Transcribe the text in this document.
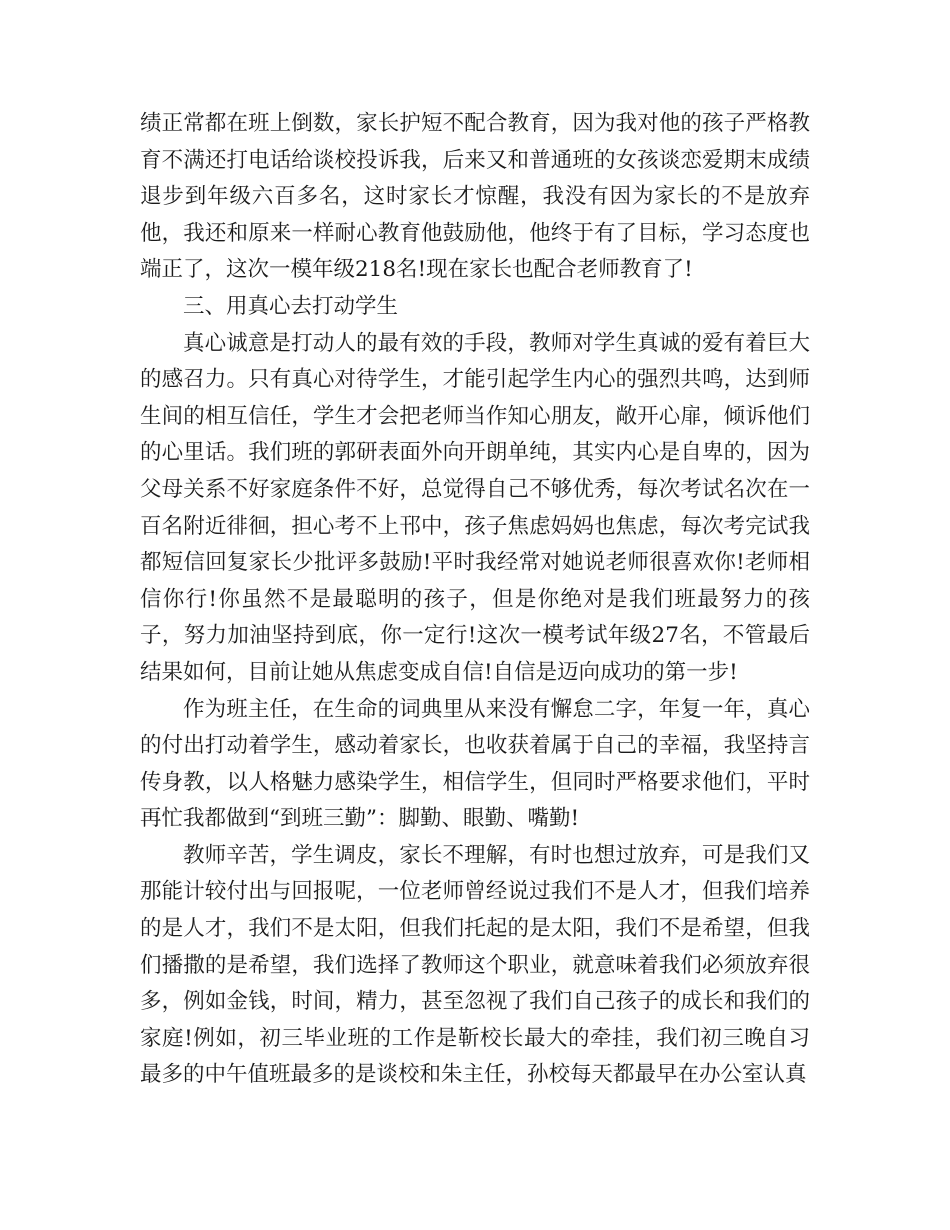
绩正常都在班上倒数，家长护短不配合教育，因为我对他的孩子严格教育不满还打电话给谈校投诉我，后来又和普通班的女孩谈恋爱期末成绩退步到年级六百多名，这时家长才惊醒，我没有因为家长的不是放弃他，我还和原来一样耐心教育他鼓励他，他终于有了目标，学习态度也端正了，这次一模年级218名!现在家长也配合老师教育了!

三、用真心去打动学生

真心诚意是打动人的最有效的手段，教师对学生真诚的爱有着巨大的感召力。只有真心对待学生，才能引起学生内心的强烈共鸣，达到师生间的相互信任，学生才会把老师当作知心朋友，敞开心扉，倾诉他们的心里话。我们班的郭研表面外向开朗单纯，其实内心是自卑的，因为父母关系不好家庭条件不好，总觉得自己不够优秀，每次考试名次在一百名附近徘徊，担心考不上邗中，孩子焦虑妈妈也焦虑，每次考完试我都短信回复家长少批评多鼓励!平时我经常对她说老师很喜欢你!老师相信你行!你虽然不是最聪明的孩子，但是你绝对是我们班最努力的孩子，努力加油坚持到底，你一定行!这次一模考试年级27名，不管最后结果如何，目前让她从焦虑变成自信!自信是迈向成功的第一步!

作为班主任，在生命的词典里从来没有懈怠二字，年复一年，真心的付出打动着学生，感动着家长，也收获着属于自己的幸福，我坚持言传身教，以人格魅力感染学生，相信学生，但同时严格要求他们，平时再忙我都做到“到班三勤”：脚勤、眼勤、嘴勤!

教师辛苦，学生调皮，家长不理解，有时也想过放弃，可是我们又那能计较付出与回报呢，一位老师曾经说过我们不是人才，但我们培养的是人才，我们不是太阳，但我们托起的是太阳，我们不是希望，但我们播撒的是希望，我们选择了教师这个职业，就意味着我们必须放弃很多，例如金钱，时间，精力，甚至忽视了我们自己孩子的成长和我们的家庭!例如，初三毕业班的工作是靳校长最大的牵挂，我们初三晚自习最多的中午值班最多的是谈校和朱主任，孙校每天都最早在办公室认真
